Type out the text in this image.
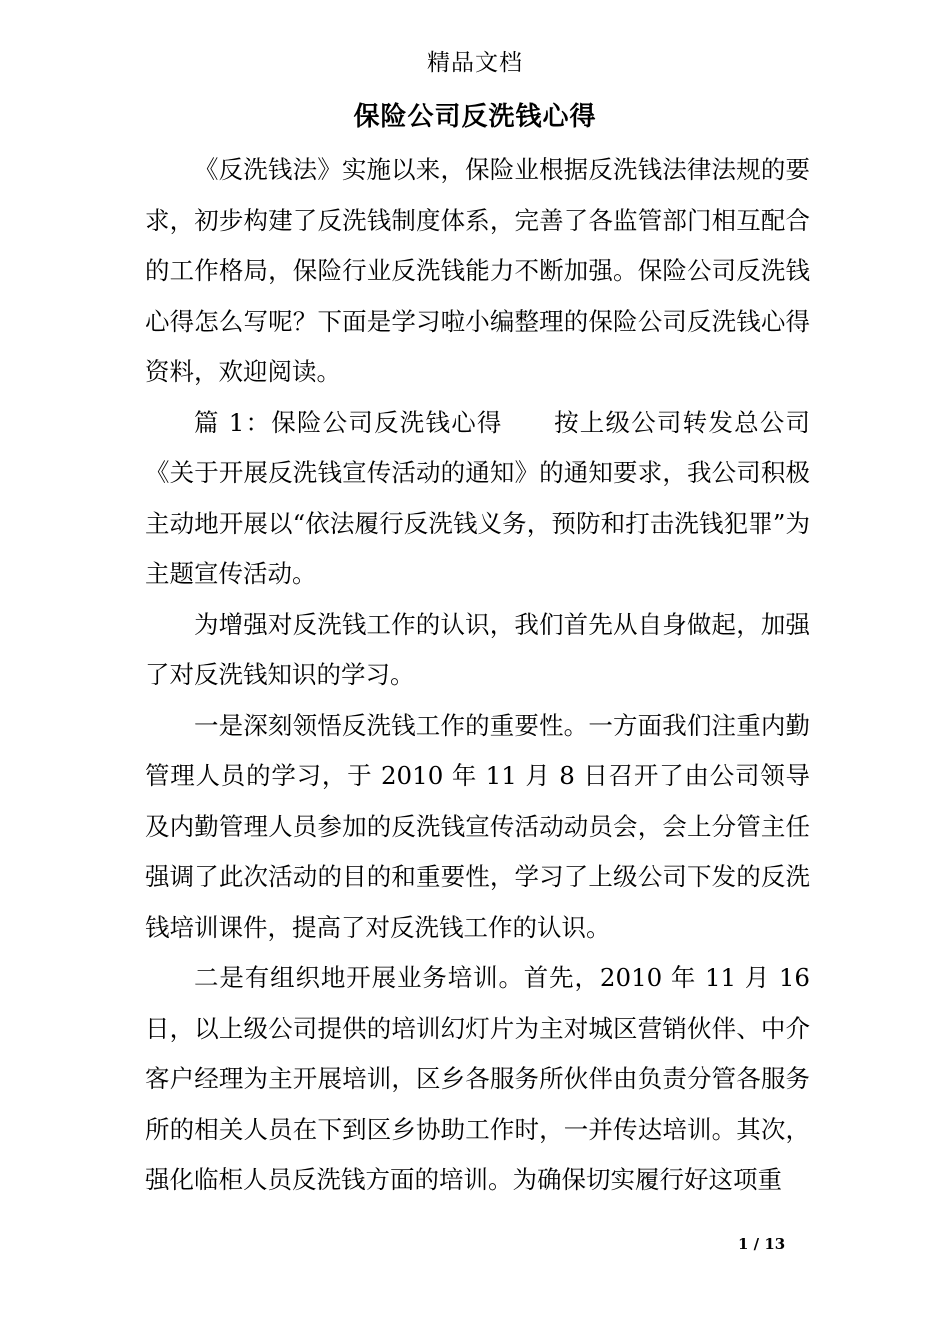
精品文档
保险公司反洗钱心得

《反洗钱法》实施以来，保险业根据反洗钱法律法规的要求，初步构建了反洗钱制度体系，完善了各监管部门相互配合的工作格局，保险行业反洗钱能力不断加强。保险公司反洗钱心得怎么写呢？下面是学习啦小编整理的保险公司反洗钱心得资料，欢迎阅读。

篇 1：保险公司反洗钱心得　　按上级公司转发总公司《关于开展反洗钱宣传活动的通知》的通知要求，我公司积极主动地开展以“依法履行反洗钱义务，预防和打击洗钱犯罪”为主题宣传活动。

为增强对反洗钱工作的认识，我们首先从自身做起，加强了对反洗钱知识的学习。

一是深刻领悟反洗钱工作的重要性。一方面我们注重内勤管理人员的学习，于 2010 年 11 月 8 日召开了由公司领导及内勤管理人员参加的反洗钱宣传活动动员会，会上分管主任强调了此次活动的目的和重要性，学习了上级公司下发的反洗钱培训课件，提高了对反洗钱工作的认识。

二是有组织地开展业务培训。首先，2010 年 11 月 16 日，以上级公司提供的培训幻灯片为主对城区营销伙伴、中介客户经理为主开展培训，区乡各服务所伙伴由负责分管各服务所的相关人员在下到区乡协助工作时，一并传达培训。其次，强化临柜人员反洗钱方面的培训。为确保切实履行好这项重

1 / 13
